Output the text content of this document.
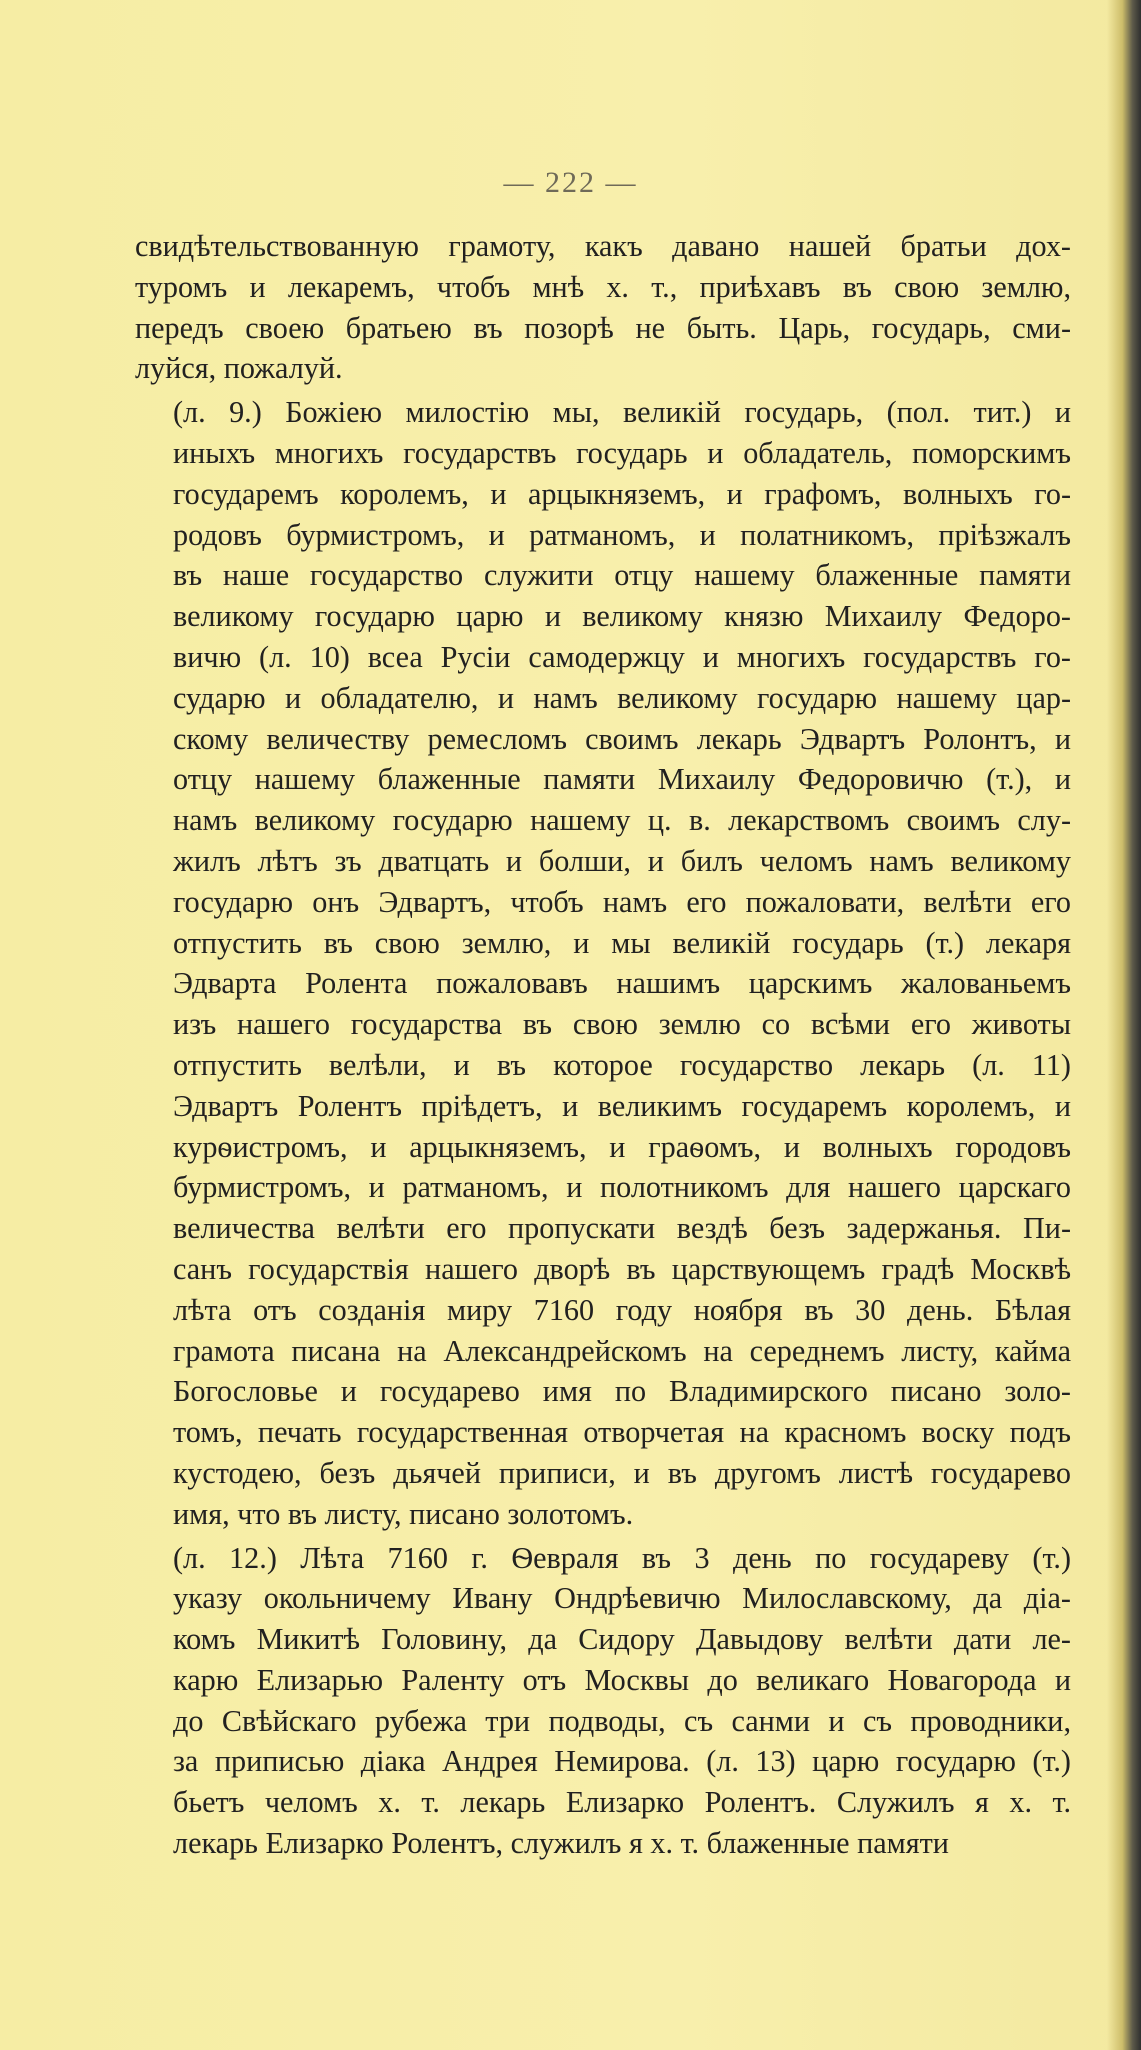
— 222 —
свидѣтельствованную грамоту, какъ давано нашей братьи дох-
туромъ и лекаремъ, чтобъ мнѣ х. т., приѣхавъ въ свою землю,
передъ своею братьею въ позорѣ не быть. Царь, государь, сми-
луйся, пожалуй.
(л. 9.) Божіею милостію мы, великій государь, (пол. тит.) и
иныхъ многихъ государствъ государь и обладатель, поморскимъ
государемъ королемъ, и арцыкняземъ, и графомъ, волныхъ го-
родовъ бурмистромъ, и ратманомъ, и полатникомъ, пріѣзжалъ
въ наше государство служити отцу нашему блаженные памяти
великому государю царю и великому князю Михаилу Федоро-
вичю (л. 10) всеа Русіи самодержцу и многихъ государствъ го-
сударю и обладателю, и намъ великому государю нашему цар-
скому величеству ремесломъ своимъ лекарь Эдвартъ Ролонтъ, и
отцу нашему блаженные памяти Михаилу Федоровичю (т.), и
намъ великому государю нашему ц. в. лекарствомъ своимъ слу-
жилъ лѣтъ зъ дватцать и болши, и билъ челомъ намъ великому
государю онъ Эдвартъ, чтобъ намъ его пожаловати, велѣти его
отпустить въ свою землю, и мы великій государь (т.) лекаря
Эдварта Ролента пожаловавъ нашимъ царскимъ жалованьемъ
изъ нашего государства въ свою землю со всѣми его животы
отпустить велѣли, и въ которое государство лекарь (л. 11)
Эдвартъ Ролентъ пріѣдетъ, и великимъ государемъ королемъ, и
курѳистромъ, и арцыкняземъ, и граѳомъ, и волныхъ городовъ
бурмистромъ, и ратманомъ, и полотникомъ для нашего царскаго
величества велѣти его пропускати вездѣ безъ задержанья. Пи-
санъ государствія нашего дворѣ въ царствующемъ градѣ Москвѣ
лѣта отъ созданія миру 7160 году ноября въ 30 день. Бѣлая
грамота писана на Александрейскомъ на середнемъ листу, кайма
Богословье и государево имя по Владимирского писано золо-
томъ, печать государственная отворчетая на красномъ воску подъ
кустодею, безъ дьячей приписи, и въ другомъ листѣ государево
имя, что въ листу, писано золотомъ.
(л. 12.) Лѣта 7160 г. Ѳевраля въ 3 день по государеву (т.)
указу окольничему Ивану Ондрѣевичю Милославскому, да діа-
комъ Микитѣ Головину, да Сидору Давыдову велѣти дати ле-
карю Елизарью Раленту отъ Москвы до великаго Новагорода и
до Свѣйскаго рубежа три подводы, съ санми и съ проводники,
за приписью діака Андрея Немирова. (л. 13) царю государю (т.)
бьетъ челомъ х. т. лекарь Елизарко Ролентъ. Служилъ я х. т.
лекарь Елизарко Ролентъ, служилъ я х. т. блаженные памяти
